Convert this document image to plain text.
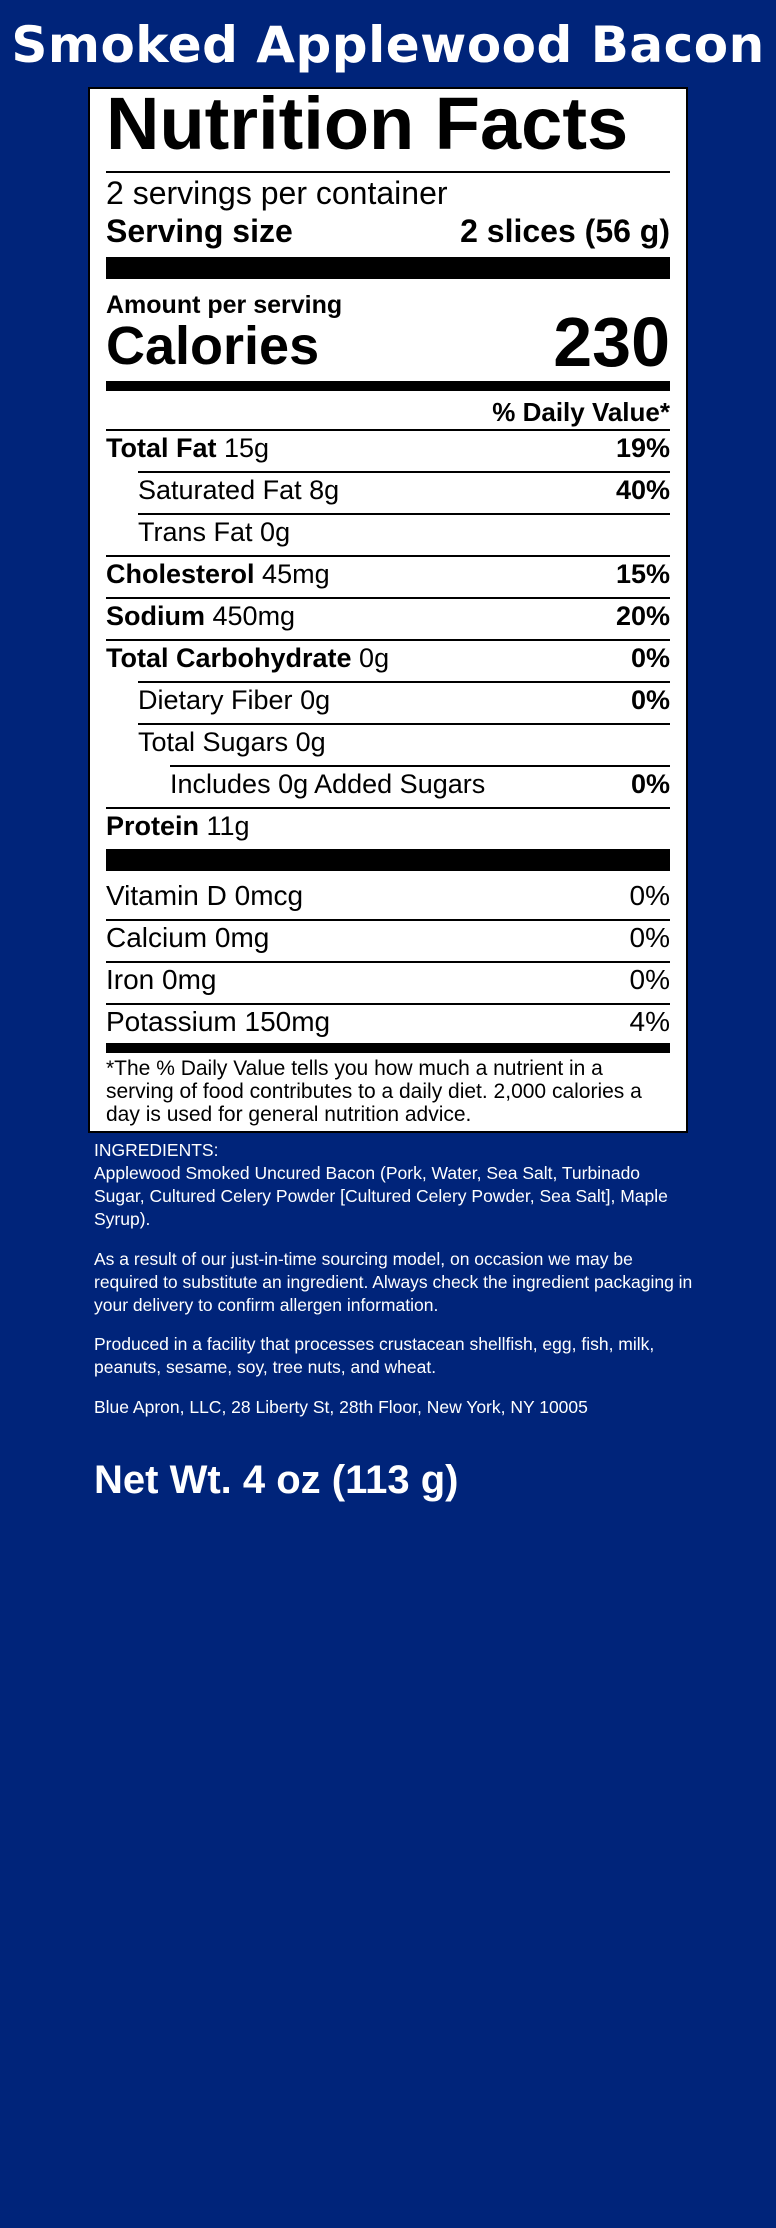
Smoked Applewood Bacon
Nutrition Facts
2 servings per container
Serving size	2 slices (56 g)
Amount per serving
Calories	230
% Daily Value*
Total Fat 15g	19%
Saturated Fat 8g	40%
Trans Fat 0g
Cholesterol 45mg	15%
Sodium 450mg	20%
Total Carbohydrate 0g	0%
Dietary Fiber 0g	0%
Total Sugars 0g
Includes 0g Added Sugars	0%
Protein 11g
Vitamin D 0mcg	0%
Calcium 0mg	0%
Iron 0mg	0%
Potassium 150mg	4%
*The % Daily Value tells you how much a nutrient in a serving of food contributes to a daily diet. 2,000 calories a day is used for general nutrition advice.
INGREDIENTS:
Applewood Smoked Uncured Bacon (Pork, Water, Sea Salt, Turbinado Sugar, Cultured Celery Powder [Cultured Celery Powder, Sea Salt], Maple Syrup).
As a result of our just-in-time sourcing model, on occasion we may be required to substitute an ingredient. Always check the ingredient packaging in your delivery to confirm allergen information.
Produced in a facility that processes crustacean shellfish, egg, fish, milk, peanuts, sesame, soy, tree nuts, and wheat.
Blue Apron, LLC, 28 Liberty St, 28th Floor, New York, NY 10005
Net Wt. 4 oz (113 g)
